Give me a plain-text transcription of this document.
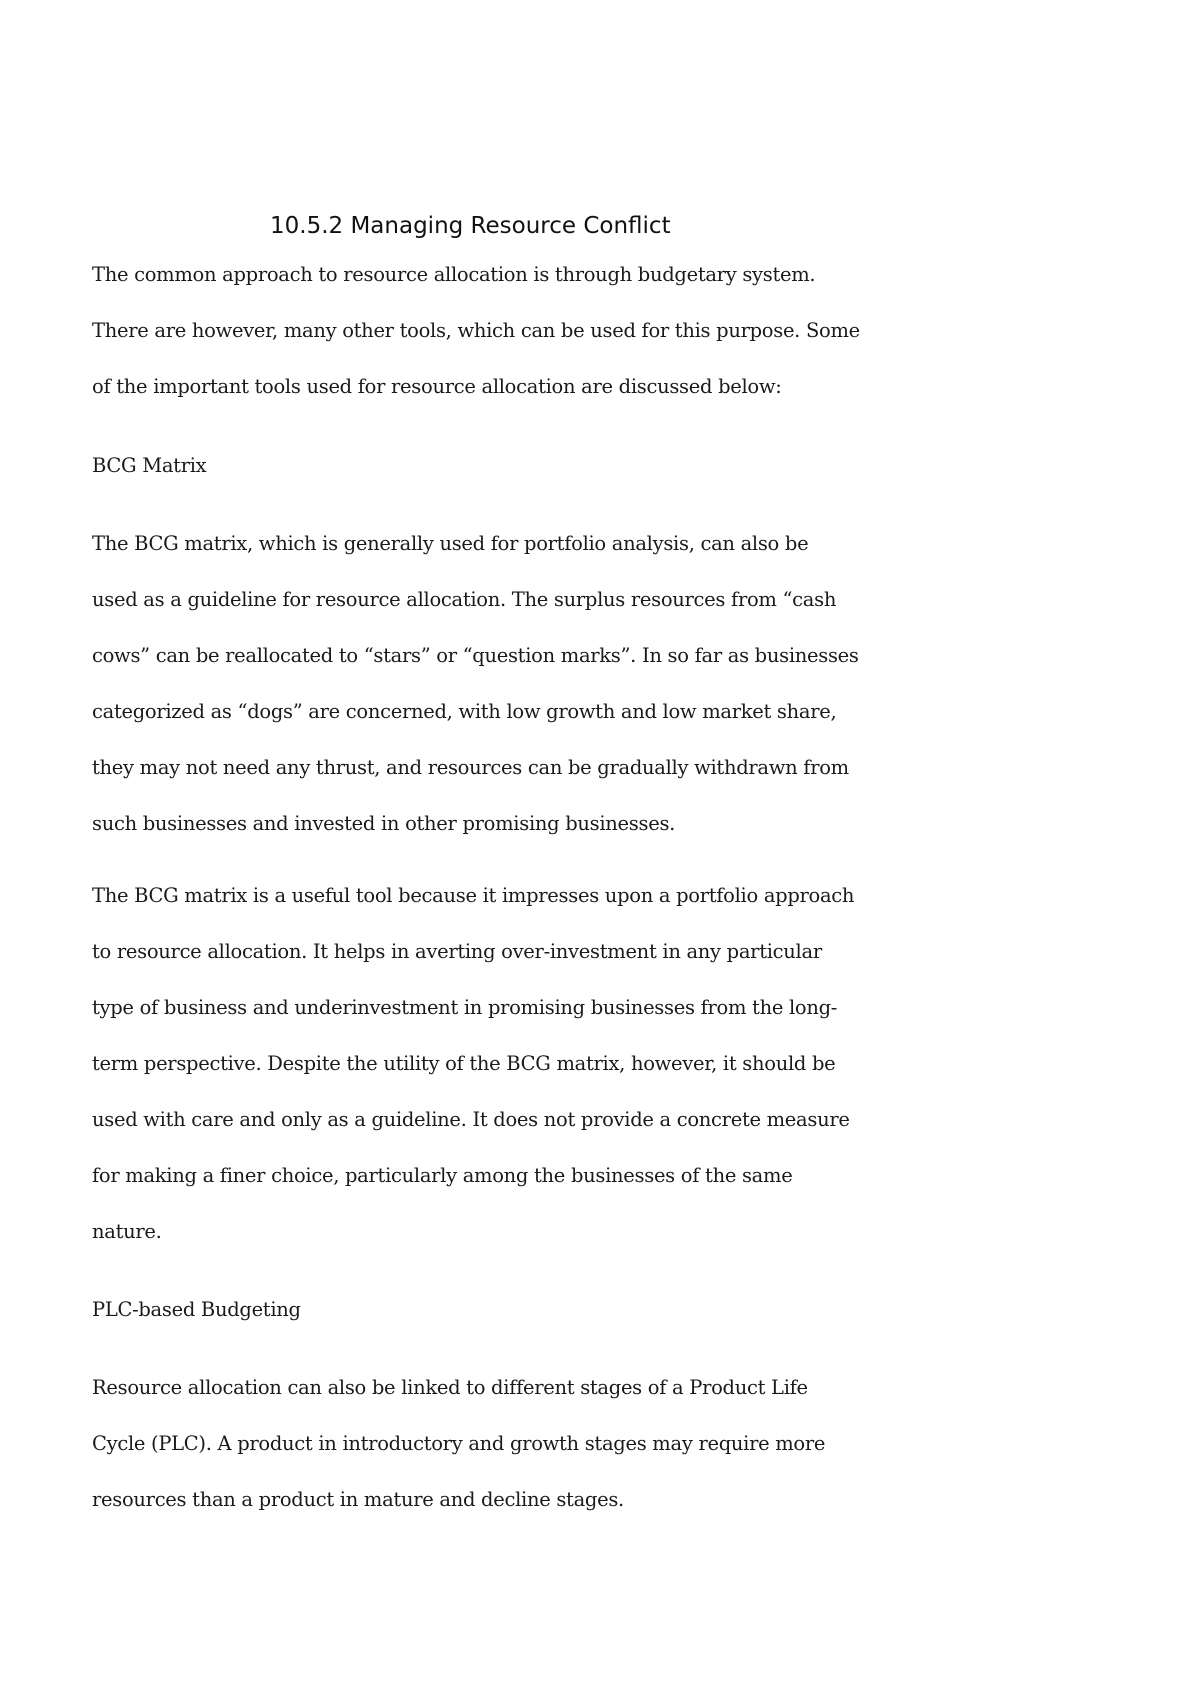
10.5.2 Managing Resource Conflict

The common approach to resource allocation is through budgetary system.

There are however, many other tools, which can be used for this purpose. Some

of the important tools used for resource allocation are discussed below:

BCG Matrix

The BCG matrix, which is generally used for portfolio analysis, can also be

used as a guideline for resource allocation. The surplus resources from “cash

cows” can be reallocated to “stars” or “question marks”. In so far as businesses

categorized as “dogs” are concerned, with low growth and low market share,

they may not need any thrust, and resources can be gradually withdrawn from

such businesses and invested in other promising businesses.

The BCG matrix is a useful tool because it impresses upon a portfolio approach

to resource allocation. It helps in averting over-investment in any particular

type of business and underinvestment in promising businesses from the long-

term perspective. Despite the utility of the BCG matrix, however, it should be

used with care and only as a guideline. It does not provide a concrete measure

for making a finer choice, particularly among the businesses of the same

nature.

PLC-based Budgeting

Resource allocation can also be linked to different stages of a Product Life

Cycle (PLC). A product in introductory and growth stages may require more

resources than a product in mature and decline stages.
